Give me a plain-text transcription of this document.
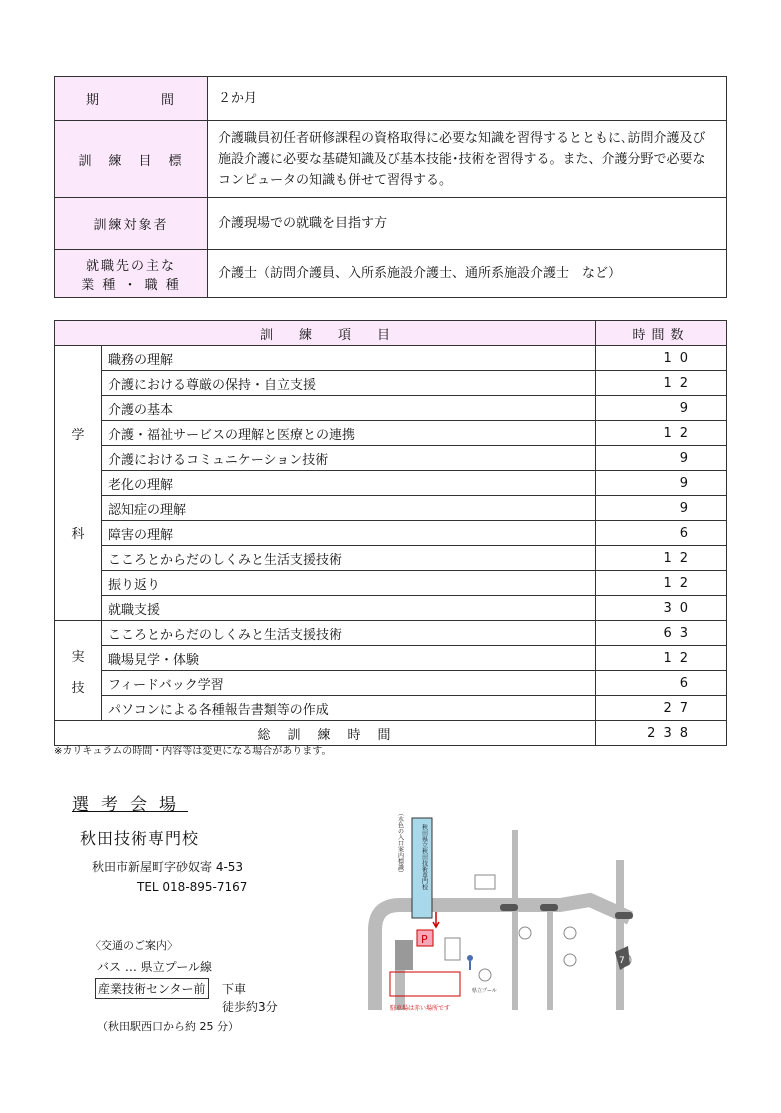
期　　　　間	２か月
訓　練　目　標	介護職員初任者研修課程の資格取得に必要な知識を習得するとともに､訪問介護及び施設介護に必要な基礎知識及び基本技能･技術を習得する。また、介護分野で必要なコンピュータの知識も併せて習得する。
訓練対象者	介護現場での就職を目指す方

就職先の主な
業 種 ・ 職 種	介護士（訪問介護員、入所系施設介護士、通所系施設介護士　など）
訓　　練　　項　　目		時間数

学
科	職務の理解	10
	介護における尊厳の保持・自立支援	12
	介護の基本	9
	介護・福祉サービスの理解と医療との連携	12
	介護におけるコミュニケーション技術	9
	老化の理解	9
	認知症の理解	9
	障害の理解	6
	こころとからだのしくみと生活支援技術	12
	振り返り	12
	就職支援	30

実
技	こころとからだのしくみと生活支援技術	63
	職場見学・体験	12
	フィードバック学習	6
	パソコンによる各種報告書類等の作成	27
総　訓　練　時　間		238
※カリキュラムの時間・内容等は変更になる場合があります。
選考会場
秋田技術専門校
秋田市新屋町字砂奴寄 4-53
TEL 018-895-7167
〈交通のご案内〉
バス … 県立プール線
産業技術センター前 下車
徒歩約3分
（秋田駅西口から約 25 分）
秋田県立秋田技術専門校
（水色の入口案内標識）
P
駐車場は赤い場所です
県立プール
7
